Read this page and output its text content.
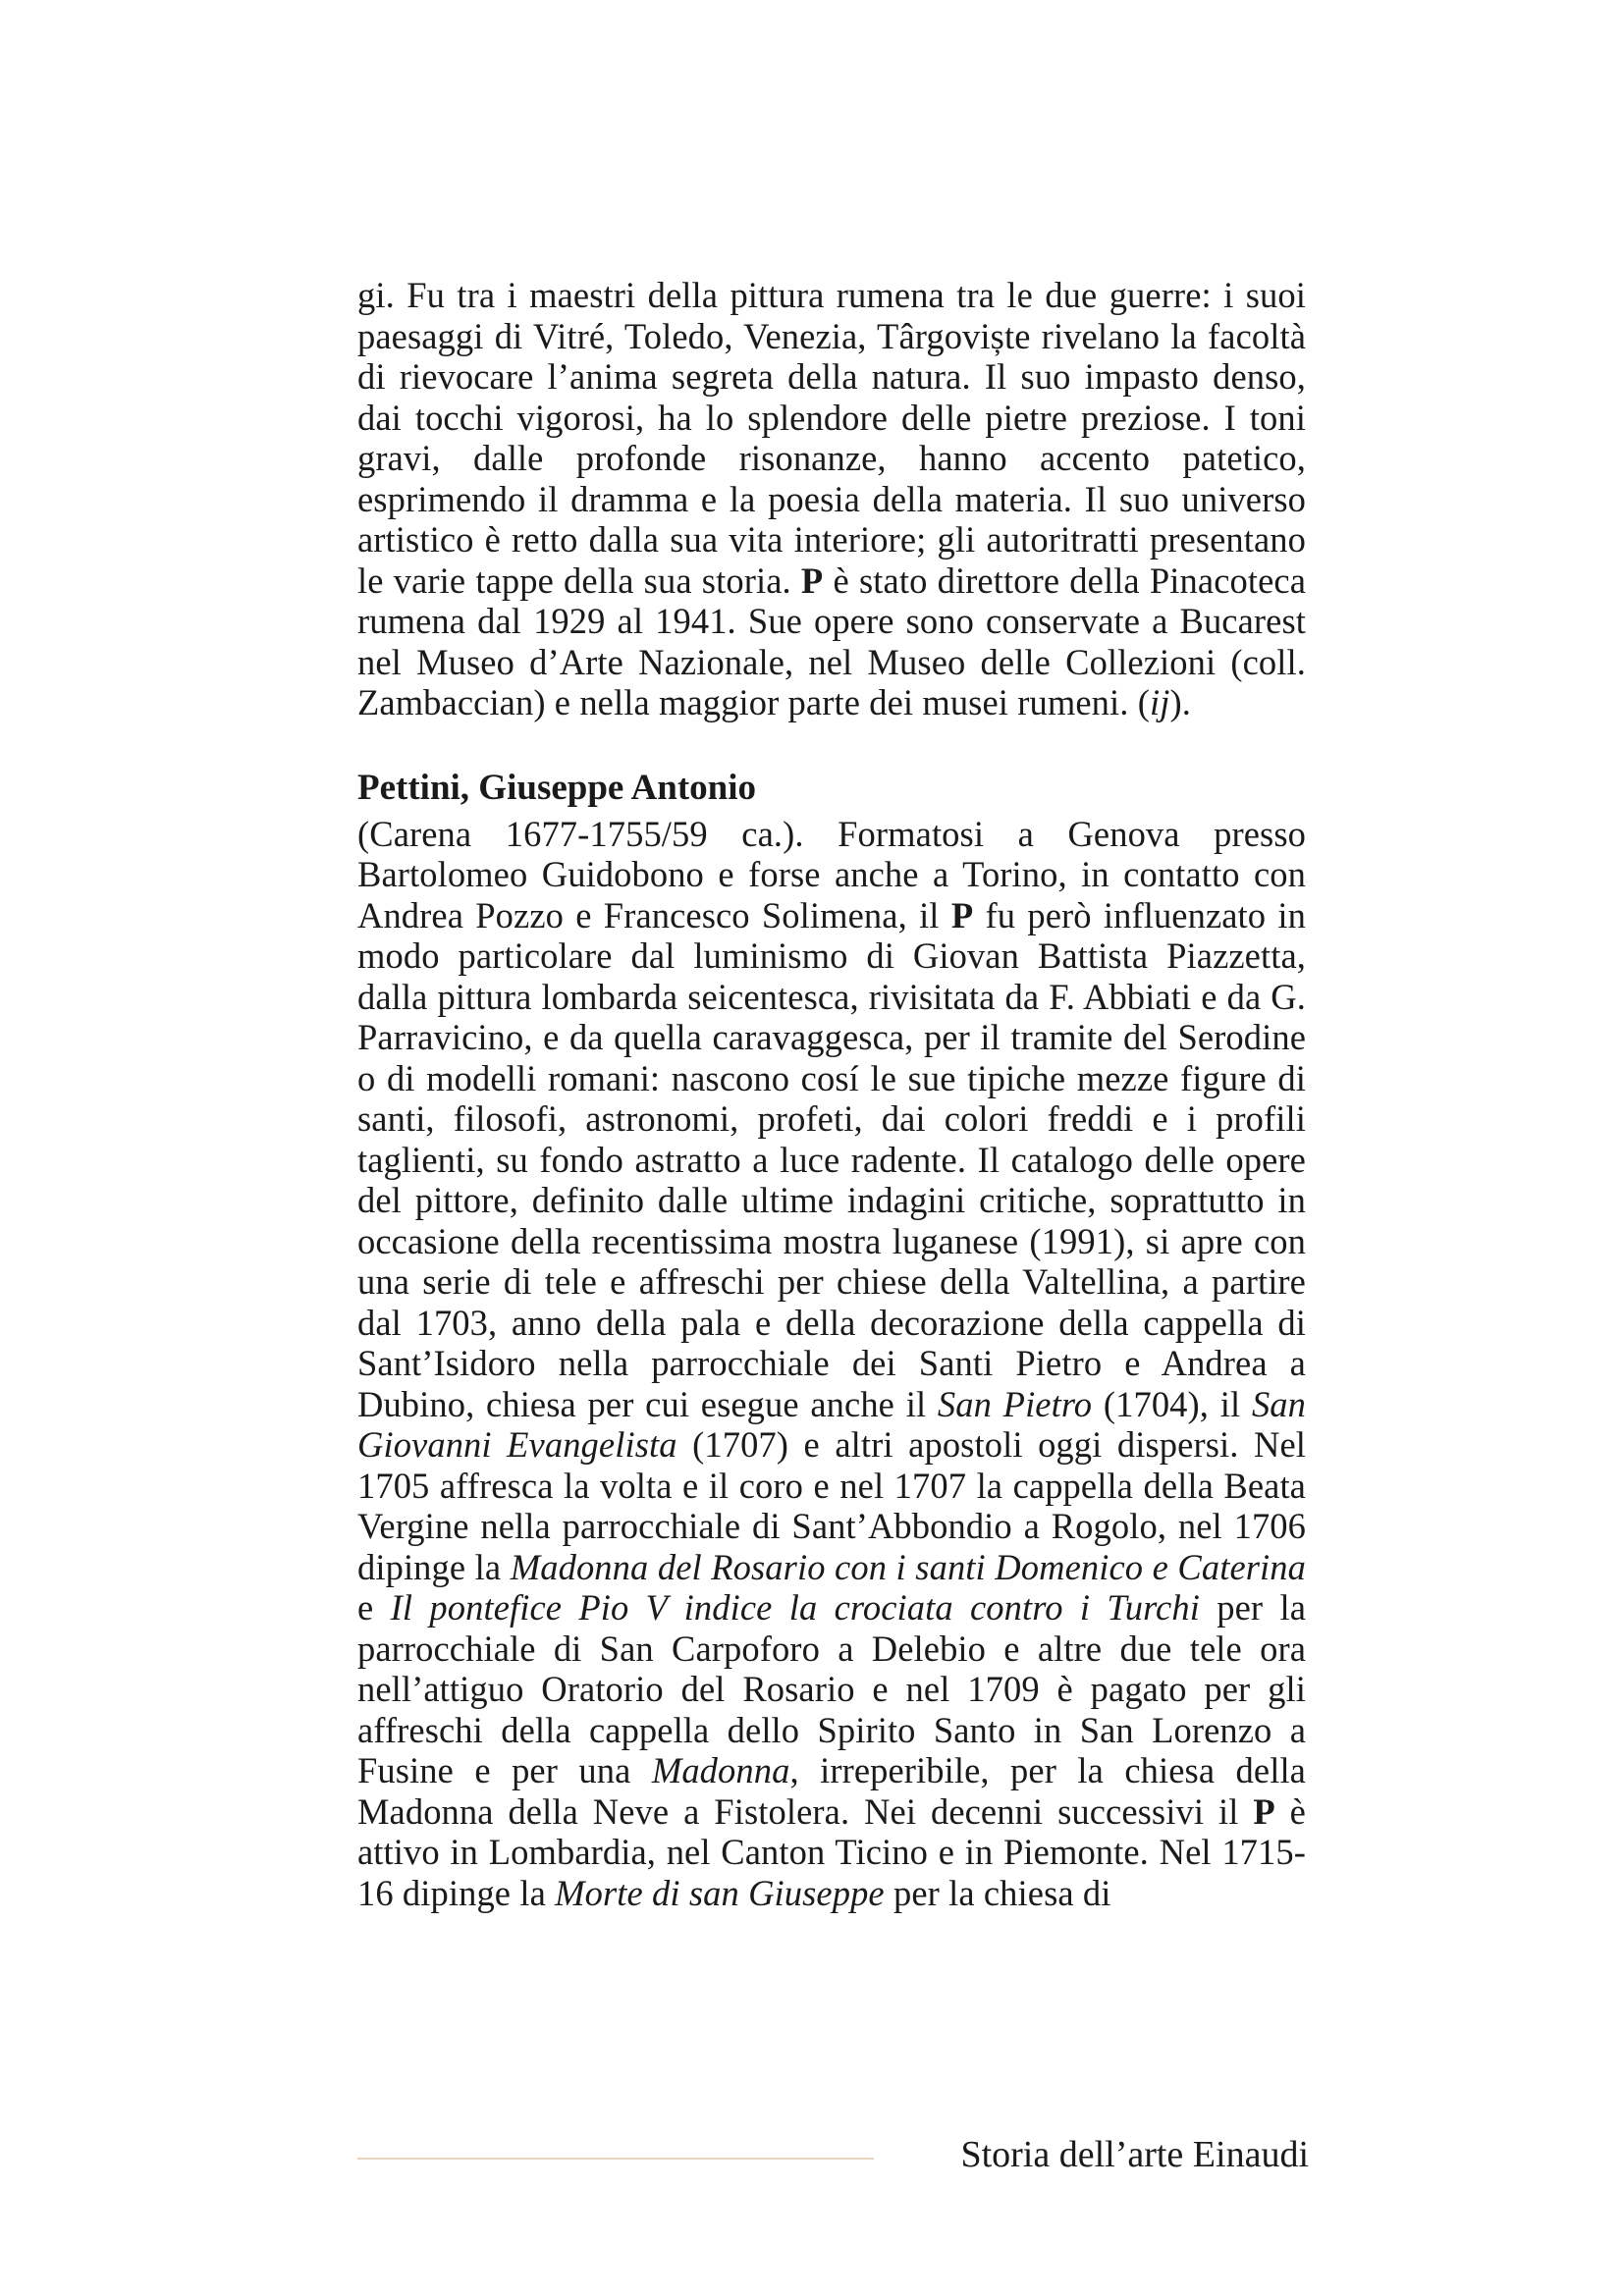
gi. Fu tra i maestri della pittura rumena tra le due guerre: i suoi paesaggi di Vitré, Toledo, Venezia, Târgoviște rivelano la facoltà di rievocare l’anima segreta della natura. Il suo impasto denso, dai tocchi vigorosi, ha lo splendore delle pietre preziose. I toni gravi, dalle profonde risonanze, hanno accento patetico, esprimendo il dramma e la poesia della materia. Il suo universo artistico è retto dalla sua vita interiore; gli autoritratti presentano le varie tappe della sua storia. P è stato direttore della Pinacoteca rumena dal 1929 al 1941. Sue opere sono conservate a Bucarest nel Museo d’Arte Nazionale, nel Museo delle Collezioni (coll. Zambaccian) e nella maggior parte dei musei rumeni. (ij).

Pettini, Giuseppe Antonio

(Carena 1677-1755/59 ca.). Formatosi a Genova presso Bartolomeo Guidobono e forse anche a Torino, in contatto con Andrea Pozzo e Francesco Solimena, il P fu però influenzato in modo particolare dal luminismo di Giovan Battista Piazzetta, dalla pittura lombarda seicentesca, rivisitata da F. Abbiati e da G. Parravicino, e da quella caravaggesca, per il tramite del Serodine o di modelli romani: nascono cosí le sue tipiche mezze figure di santi, filosofi, astronomi, profeti, dai colori freddi e i profili taglienti, su fondo astratto a luce radente. Il catalogo delle opere del pittore, definito dalle ultime indagini critiche, soprattutto in occasione della recentissima mostra luganese (1991), si apre con una serie di tele e affreschi per chiese della Valtellina, a partire dal 1703, anno della pala e della decorazione della cappella di Sant’Isidoro nella parrocchiale dei Santi Pietro e Andrea a Dubino, chiesa per cui esegue anche il San Pietro (1704), il San Giovanni Evangelista (1707) e altri apostoli oggi dispersi. Nel 1705 affresca la volta e il coro e nel 1707 la cappella della Beata Vergine nella parrocchiale di Sant’Abbondio a Rogolo, nel 1706 dipinge la Madonna del Rosario con i santi Domenico e Caterina e Il pontefice Pio V indice la crociata contro i Turchi per la parrocchiale di San Carpoforo a Delebio e altre due tele ora nell’attiguo Oratorio del Rosario e nel 1709 è pagato per gli affreschi della cappella dello Spirito Santo in San Lorenzo a Fusine e per una Madonna, irreperibile, per la chiesa della Madonna della Neve a Fistolera. Nei decenni successivi il P è attivo in Lombardia, nel Canton Ticino e in Piemonte. Nel 1715-16 dipinge la Morte di san Giuseppe per la chiesa di

Storia dell’arte Einaudi
